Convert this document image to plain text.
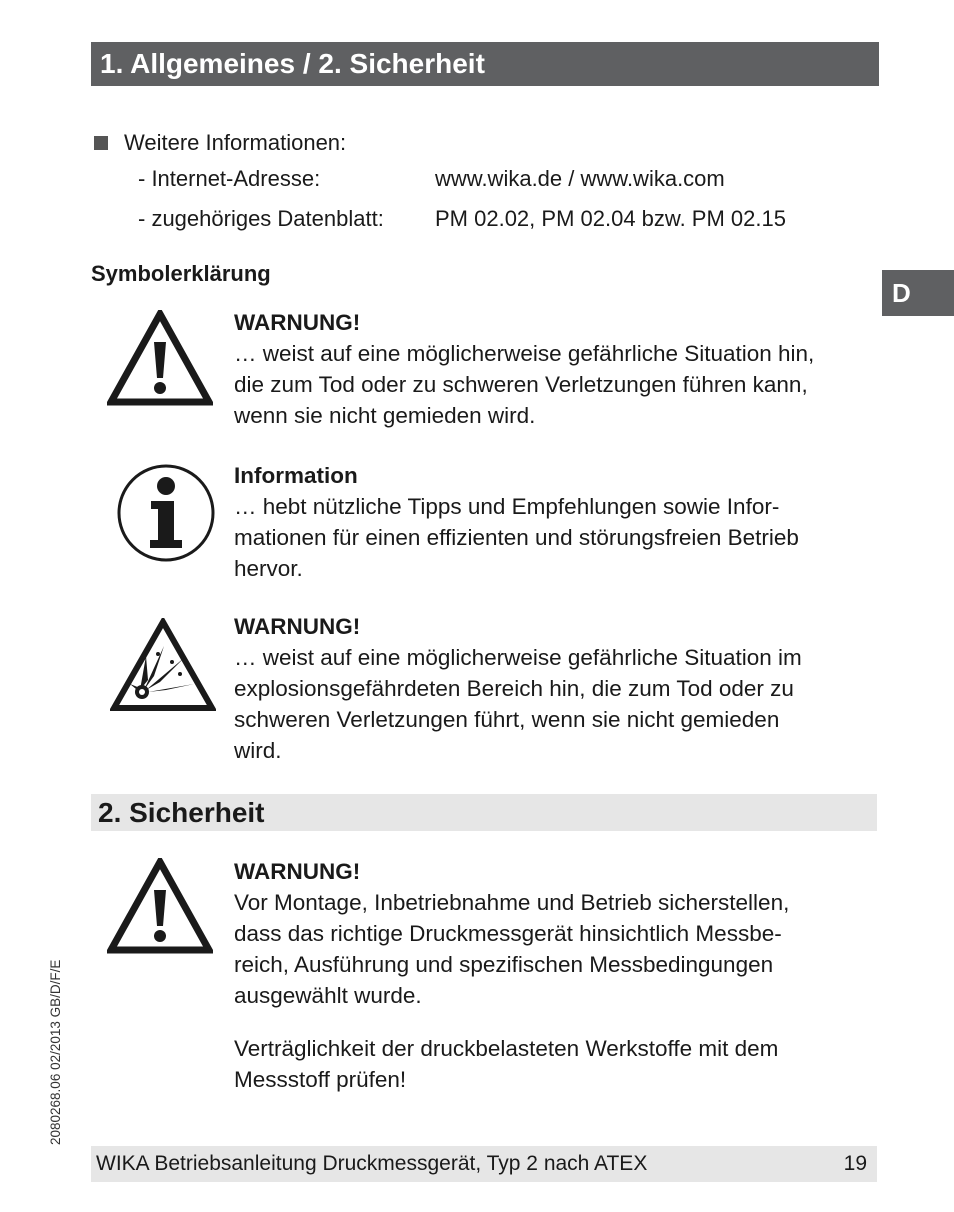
1. Allgemeines / 2. Sicherheit
D
Weitere Informationen:
- Internet-Adresse:	www.wika.de / www.wika.com
- zugehöriges Datenblatt: PM 02.02, PM 02.04 bzw. PM 02.15
Symbolerklärung
WARNUNG!
… weist auf eine möglicherweise gefährliche Situation hin,
die zum Tod oder zu schweren Verletzungen führen kann,
wenn sie nicht gemieden wird.
Information
… hebt nützliche Tipps und Empfehlungen sowie Infor-
mationen für einen effizienten und störungsfreien Betrieb
hervor.
WARNUNG!
… weist auf eine möglicherweise gefährliche Situation im
explosionsgefährdeten Bereich hin, die zum Tod oder zu
schweren Verletzungen führt, wenn sie nicht gemieden
wird.
2. Sicherheit
WARNUNG!
Vor Montage, Inbetriebnahme und Betrieb sicherstellen,
dass das richtige Druckmessgerät hinsichtlich Messbe-
reich, Ausführung und spezifischen Messbedingungen
ausgewählt wurde.
Verträglichkeit der druckbelasteten Werkstoffe mit dem
Messstoff prüfen!
2080268.06 02/2013 GB/D/F/E
WIKA Betriebsanleitung Druckmessgerät, Typ 2 nach ATEX	19
